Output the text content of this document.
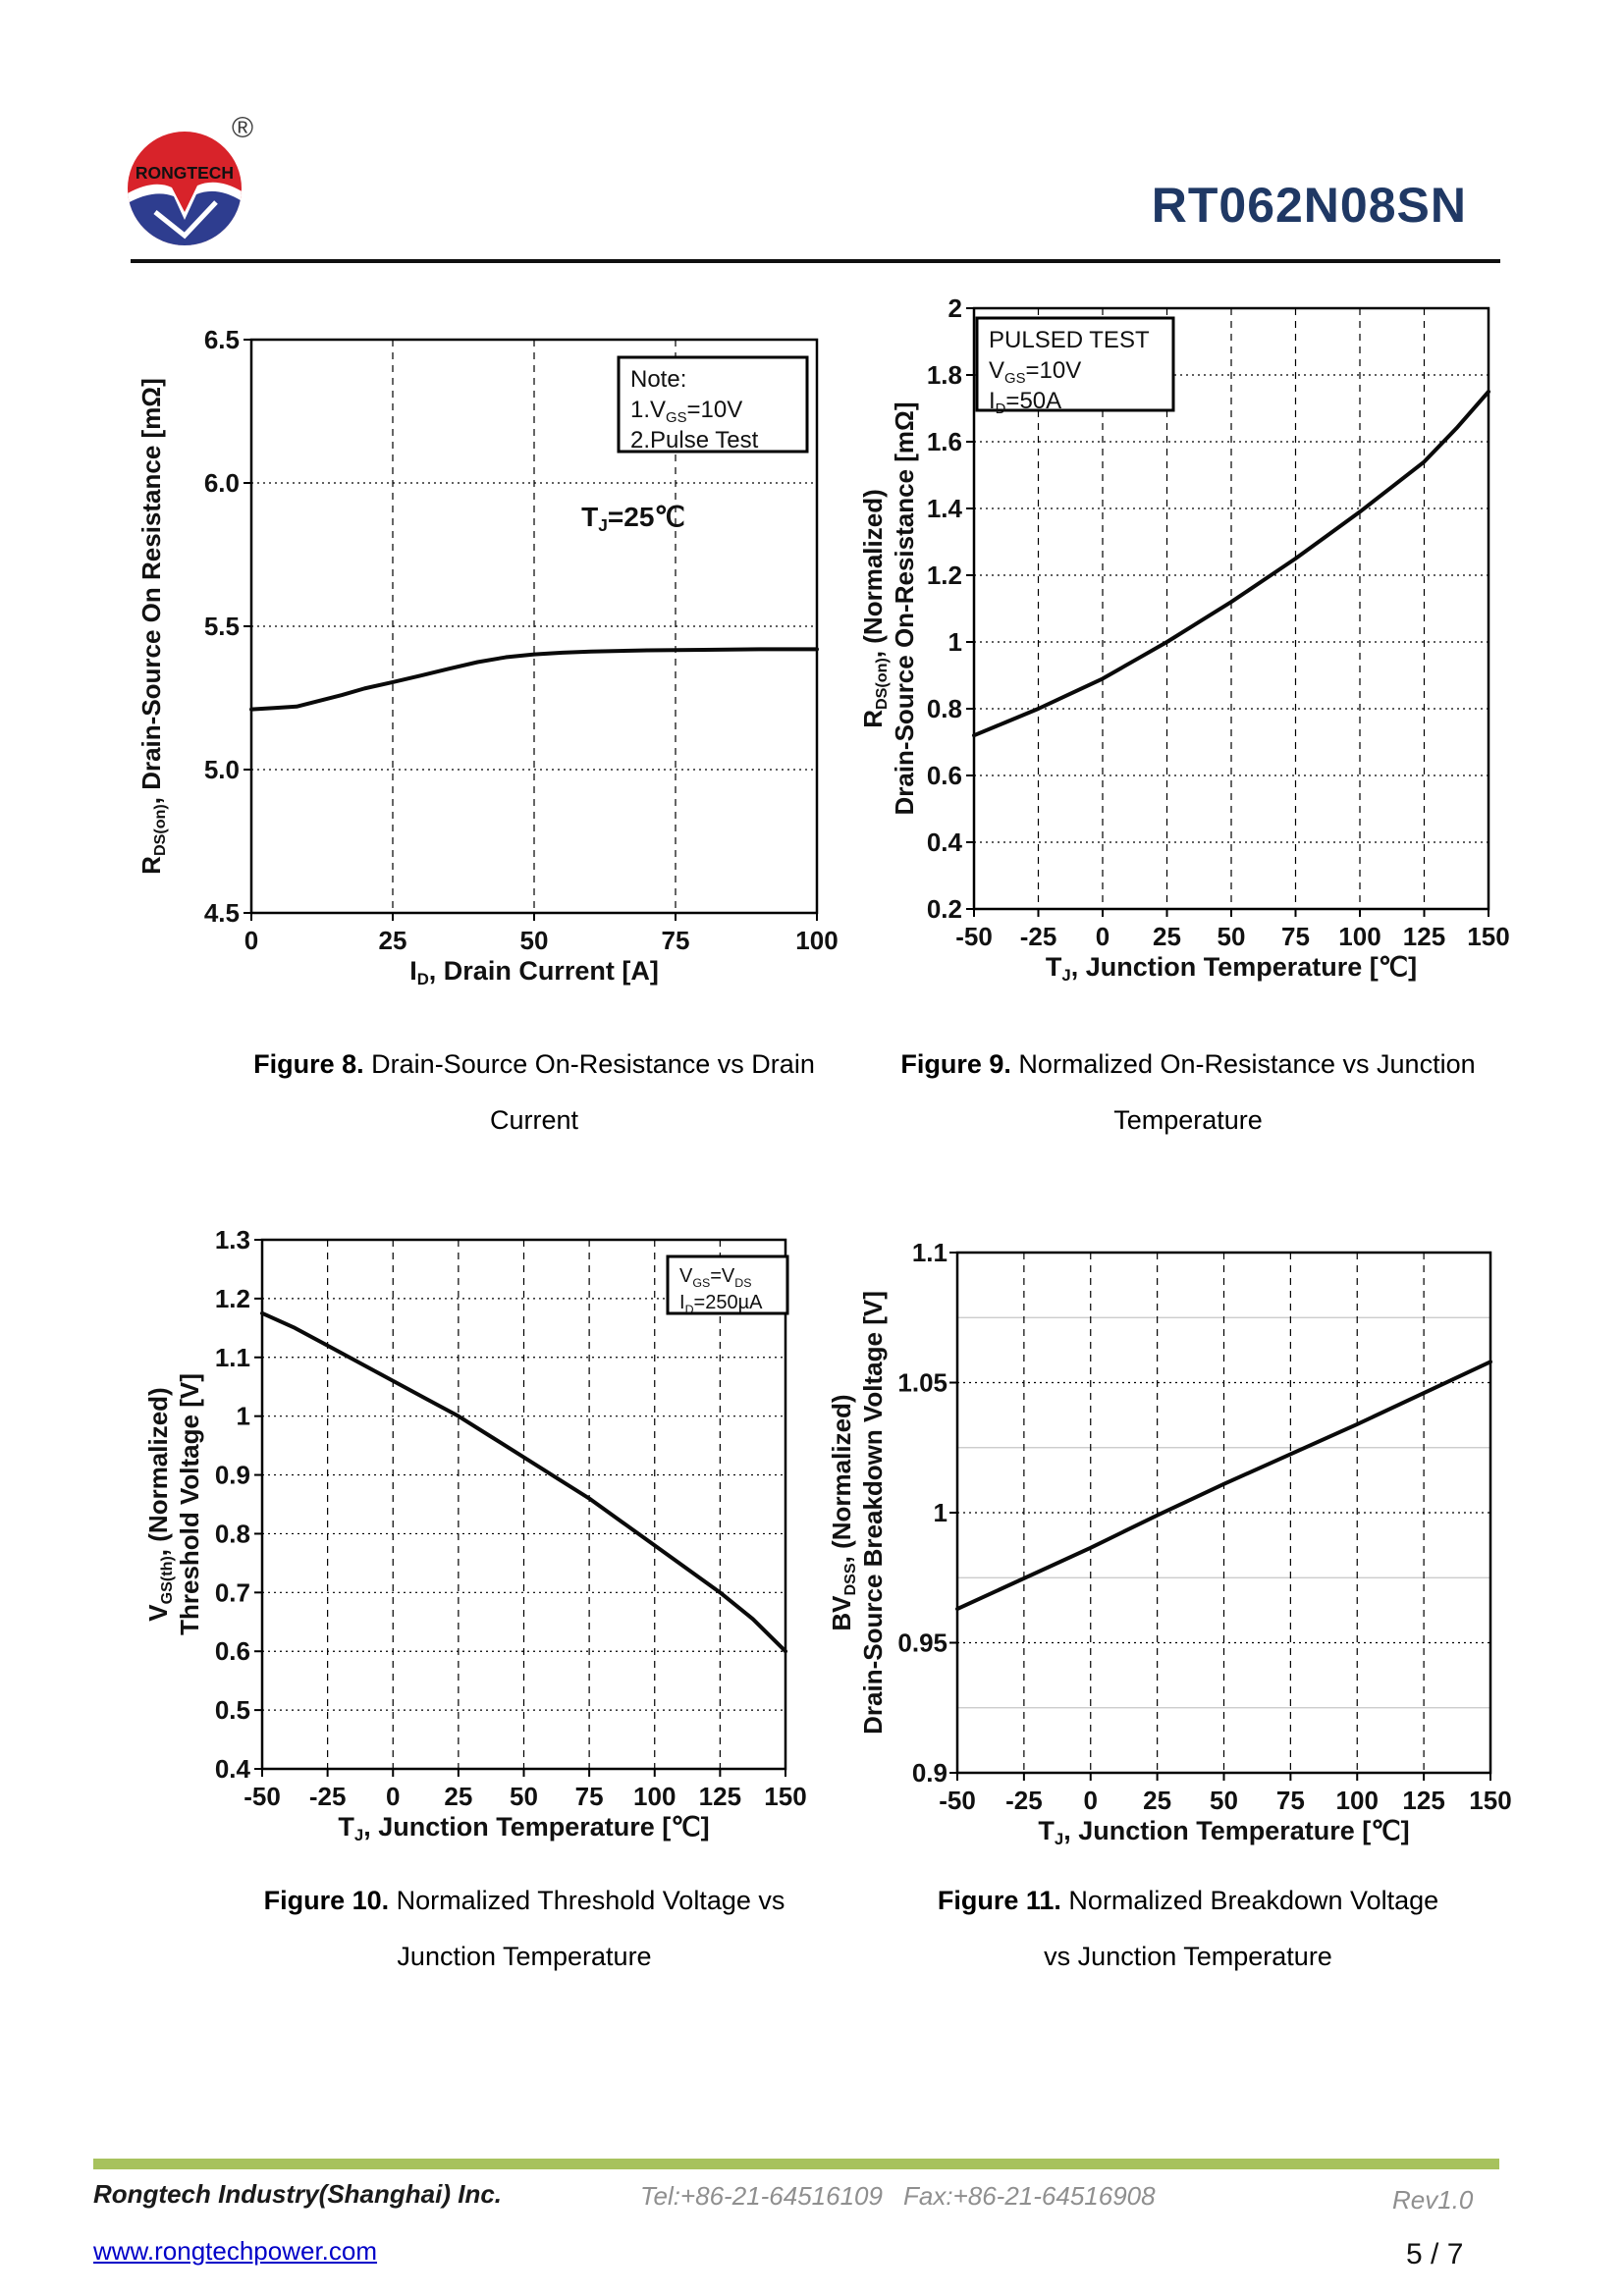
RONGTECH
®
RT062N08SN
4.5
5.0
5.5
6.0
6.5
0	25	50	75	100
ID, Drain Current [A]
RDS(on), Drain-Source On Resistance [mΩ]	Note:
$1.V_{GS}=10V$
2.Pulse Test
TJ=25℃
0.2
0.4
0.6
0.8
1
1.2
1.4
1.6
1.8
2
-50 -25 0 25 50 75 100 125 150
TJ, Junction Temperature [℃]
RDS(on), (Normalized) Drain-Source On-Resistance [mΩ]
PULSED TEST
$V_{GS}=10V$
$I_D=50A$
0.4
0.5
0.6
0.7
0.8
0.9
1
1.1
1.2
1.3
-50 -25 0 25 50 75 100 125 150
TJ, Junction Temperature [℃]
VGS(th), (Normalized) Threshold Voltage [V]
$V_{GS}=V_{DS}$
$I_D=250\mu A$
0.9
0.95
1
1.05
1.1
-50 -25 0 25 50 75 100 125 150
TJ, Junction Temperature [℃]
BVDSS, (Normalized) Drain-Source Breakdown Voltage [V]
Figure 8. Drain-Source On-Resistance vs Drain
Current
Figure 9. Normalized On-Resistance vs Junction
Temperature
Figure 10. Normalized Threshold Voltage vs
Junction Temperature
Figure 11. Normalized Breakdown Voltage
vs Junction Temperature
Rongtech Industry(Shanghai) Inc.	Tel:+86-21-64516109 Fax:+86-21-64516908	Rev1.0
www.rongtechpower.com	5 / 7
